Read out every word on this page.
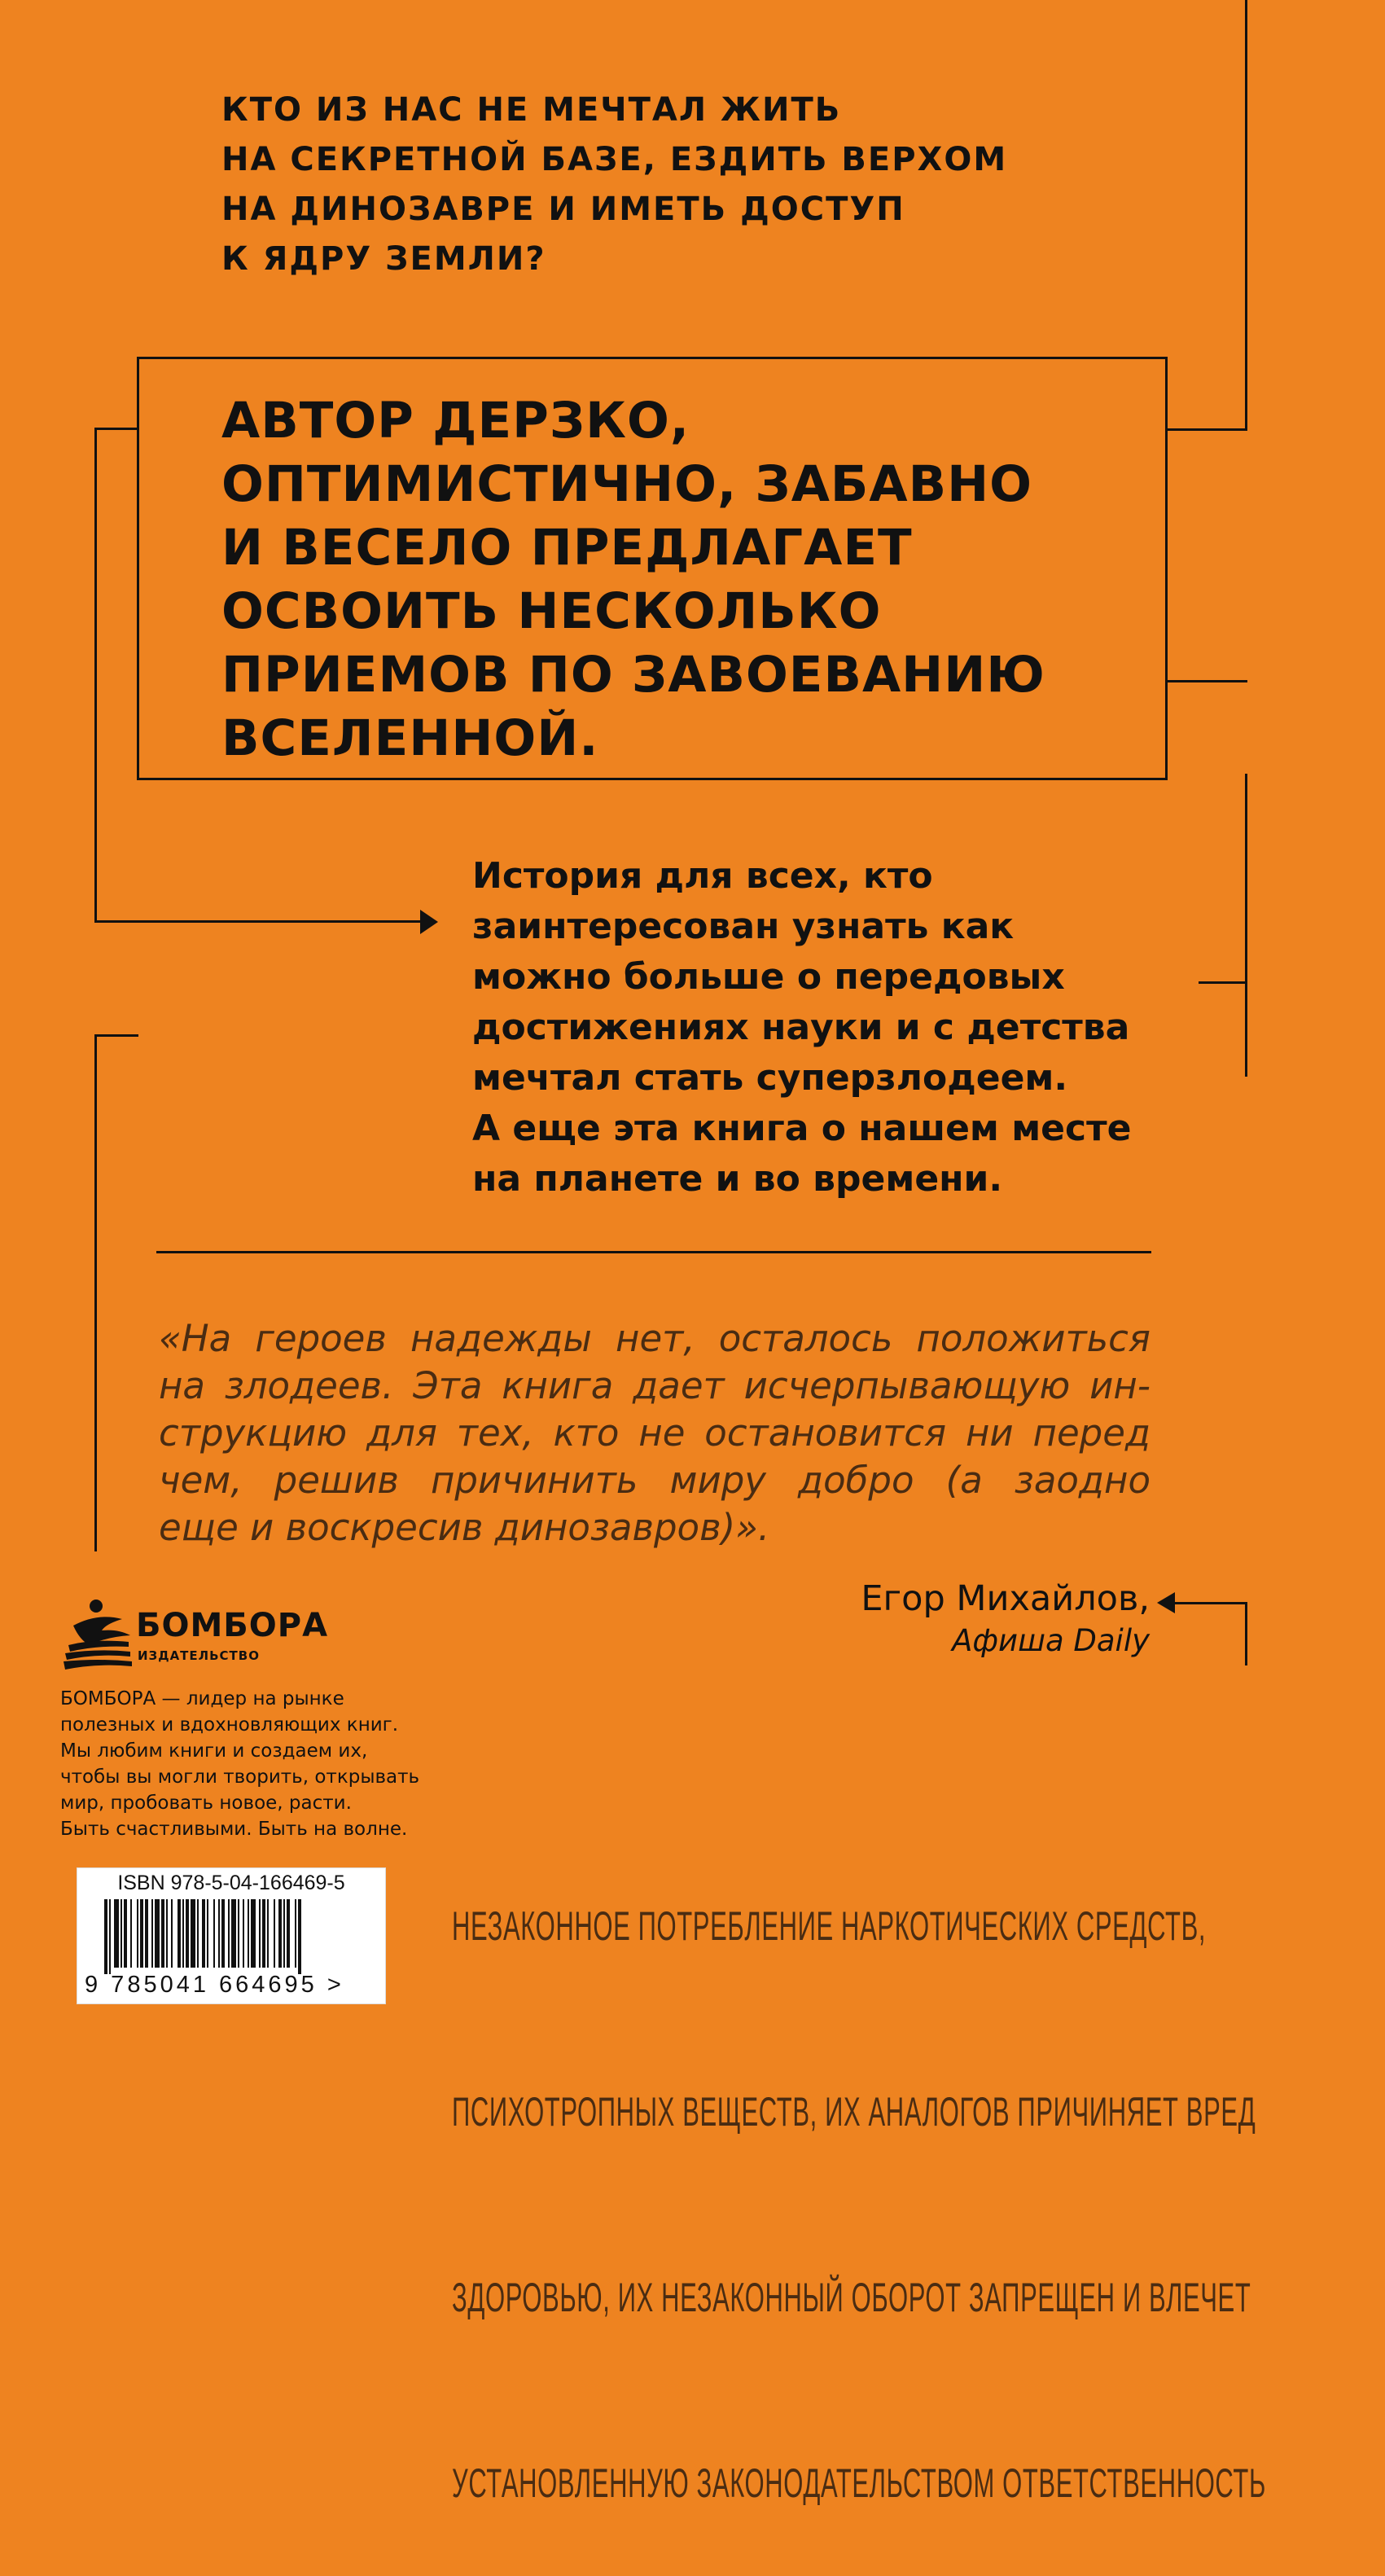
КТО ИЗ НАС НЕ МЕЧТАЛ ЖИТЬ
НА СЕКРЕТНОЙ БАЗЕ, ЕЗДИТЬ ВЕРХОМ
НА ДИНОЗАВРЕ И ИМЕТЬ ДОСТУП
К ЯДРУ ЗЕМЛИ?
АВТОР ДЕРЗКО,
ОПТИМИСТИЧНО, ЗАБАВНО
И ВЕСЕЛО ПРЕДЛАГАЕТ
ОСВОИТЬ НЕСКОЛЬКО
ПРИЕМОВ ПО ЗАВОЕВАНИЮ
ВСЕЛЕННОЙ.
История для всех, кто
заинтересован узнать как
можно больше о передовых
достижениях науки и с детства
мечтал стать суперзлодеем.
А еще эта книга о нашем месте
на планете и во времени.
«На героев надежды нет, осталось положиться
на злодеев. Эта книга дает исчерпывающую ин-
струкцию для тех, кто не остановится ни перед
чем, решив причинить миру добро (а заодно
еще и воскресив динозавров)».
Егор Михайлов,
Афиша Daily
БОМБОРА
ИЗДАТЕЛЬСТВО
БОМБОРА — лидер на рынке
полезных и вдохновляющих книг.
Мы любим книги и создаем их,
чтобы вы могли творить, открывать
мир, пробовать новое, расти.
Быть счастливыми. Быть на волне.
ISBN 978-5-04-166469-5
9 785041 664695 >

НЕЗАКОННОЕ ПОТРЕБЛЕНИЕ НАРКОТИЧЕСКИХ СРЕДСТВ,

ПСИХОТРОПНЫХ ВЕЩЕСТВ, ИХ АНАЛОГОВ ПРИЧИНЯЕТ ВРЕД

ЗДОРОВЬЮ, ИХ НЕЗАКОННЫЙ ОБОРОТ ЗАПРЕЩЕН И ВЛЕЧЕТ

УСТАНОВЛЕННУЮ ЗАКОНОДАТЕЛЬСТВОМ ОТВЕТСТВЕННОСТЬ
